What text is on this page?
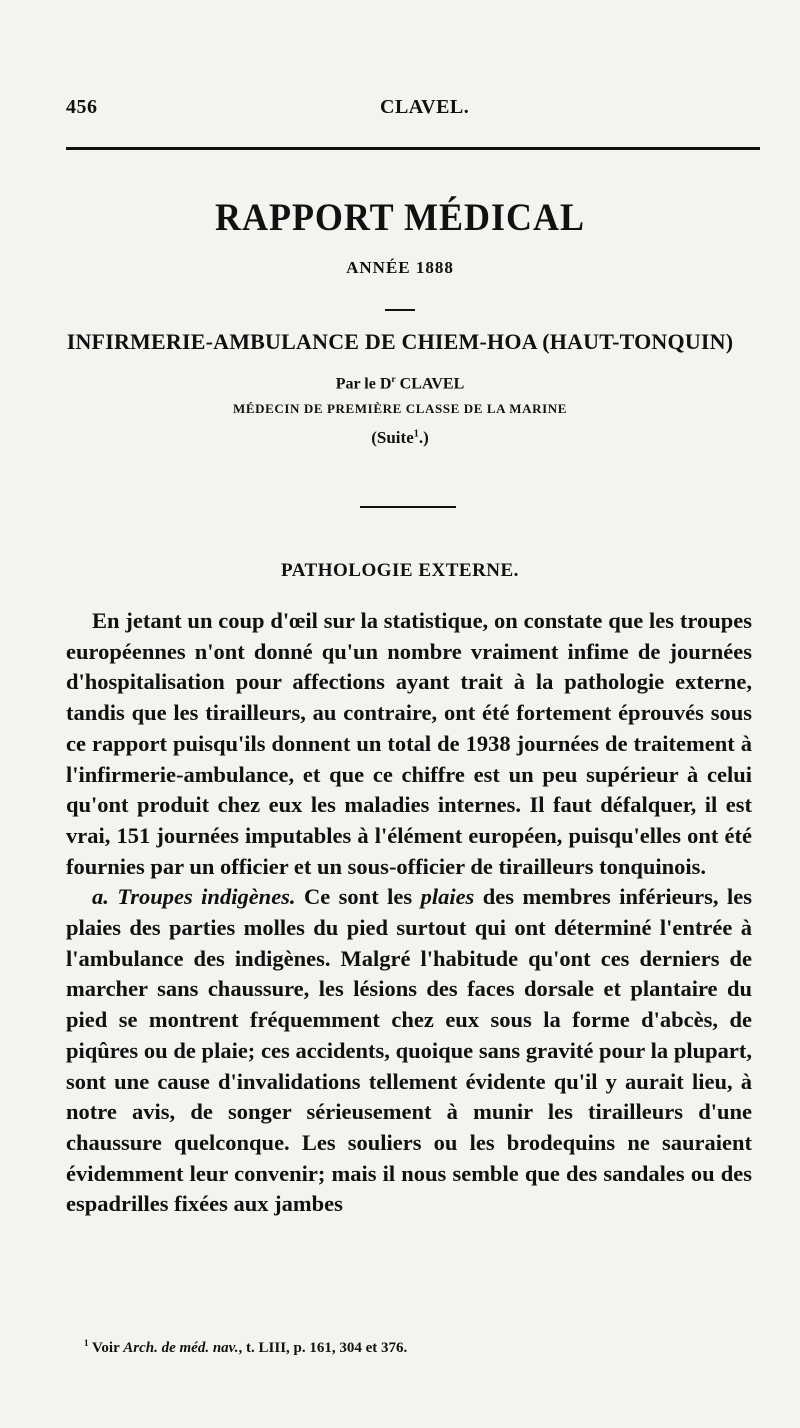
456	CLAVEL.
RAPPORT MÉDICAL
ANNÉE 1888
INFIRMERIE-AMBULANCE DE CHIEM-HOA (HAUT-TONQUIN)
Par le $D^r$ CLAVEL
MÉDECIN DE PREMIÈRE CLASSE DE LA MARINE
(Suite$^1$.)
PATHOLOGIE EXTERNE.

En jetant un coup d'œil sur la statistique, on constate que les troupes européennes n'ont donné qu'un nombre vraiment infime de journées d'hospitalisation pour affections ayant trait à la pathologie externe, tandis que les tirailleurs, au contraire, ont été fortement éprouvés sous ce rapport puisqu'ils donnent un total de 1938 journées de traitement à l'infirmerie-ambulance, et que ce chiffre est un peu supérieur à celui qu'ont produit chez eux les maladies internes. Il faut défalquer, il est vrai, 151 journées imputables à l'élément européen, puisqu'elles ont été fournies par un officier et un sous-officier de tirailleurs tonquinois.

a. Troupes indigènes. Ce sont les plaies des membres inférieurs, les plaies des parties molles du pied surtout qui ont déterminé l'entrée à l'ambulance des indigènes. Malgré l'habitude qu'ont ces derniers de marcher sans chaussure, les lésions des faces dorsale et plantaire du pied se montrent fréquemment chez eux sous la forme d'abcès, de piqûres ou de plaie; ces accidents, quoique sans gravité pour la plupart, sont une cause d'invalidations tellement évidente qu'il y aurait lieu, à notre avis, de songer sérieusement à munir les tirailleurs d'une chaussure quelconque. Les souliers ou les brodequins ne sauraient évidemment leur convenir; mais il nous semble que des sandales ou des espadrilles fixées aux jambes

$^1$ Voir Arch. de méd. nav., t. LIII, p. 161, 304 et 376.
